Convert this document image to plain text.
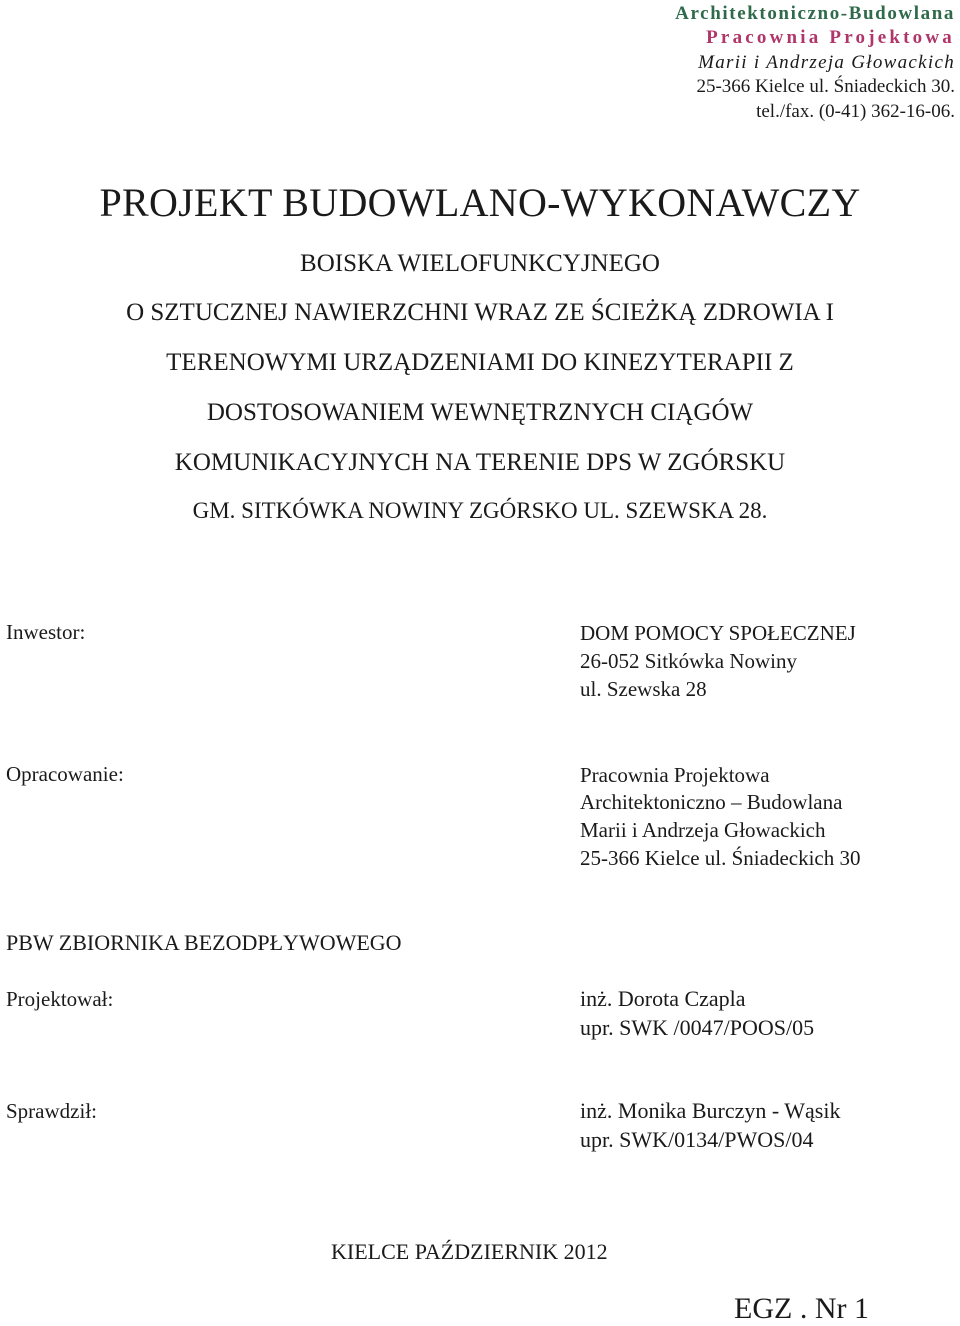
Architektoniczno-Budowlana
Pracownia Projektowa
Marii i Andrzeja Głowackich
25-366 Kielce ul. Śniadeckich 30.
tel./fax. (0-41) 362-16-06.
PROJEKT BUDOWLANO-WYKONAWCZY
BOISKA WIELOFUNKCYJNEGO
O SZTUCZNEJ NAWIERZCHNI WRAZ ZE ŚCIEŻKĄ ZDROWIA I
TERENOWYMI URZĄDZENIAMI DO KINEZYTERAPII Z
DOSTOSOWANIEM WEWNĘTRZNYCH CIĄGÓW
KOMUNIKACYJNYCH NA TERENIE DPS W ZGÓRSKU
GM. SITKÓWKA NOWINY ZGÓRSKO UL. SZEWSKA 28.
Inwestor:	DOM POMOCY SPOŁECZNEJ
26-052 Sitkówka Nowiny
ul. Szewska 28
Opracowanie:	Pracownia Projektowa
Architektoniczno – Budowlana
Marii i Andrzeja Głowackich
25-366 Kielce ul. Śniadeckich 30
PBW ZBIORNIKA BEZODPŁYWOWEGO
Projektował:	inż. Dorota Czapla
upr. SWK /0047/POOS/05
Sprawdził:	inż. Monika Burczyn - Wąsik
upr. SWK/0134/PWOS/04
KIELCE PAŹDZIERNIK 2012
EGZ . Nr 1
